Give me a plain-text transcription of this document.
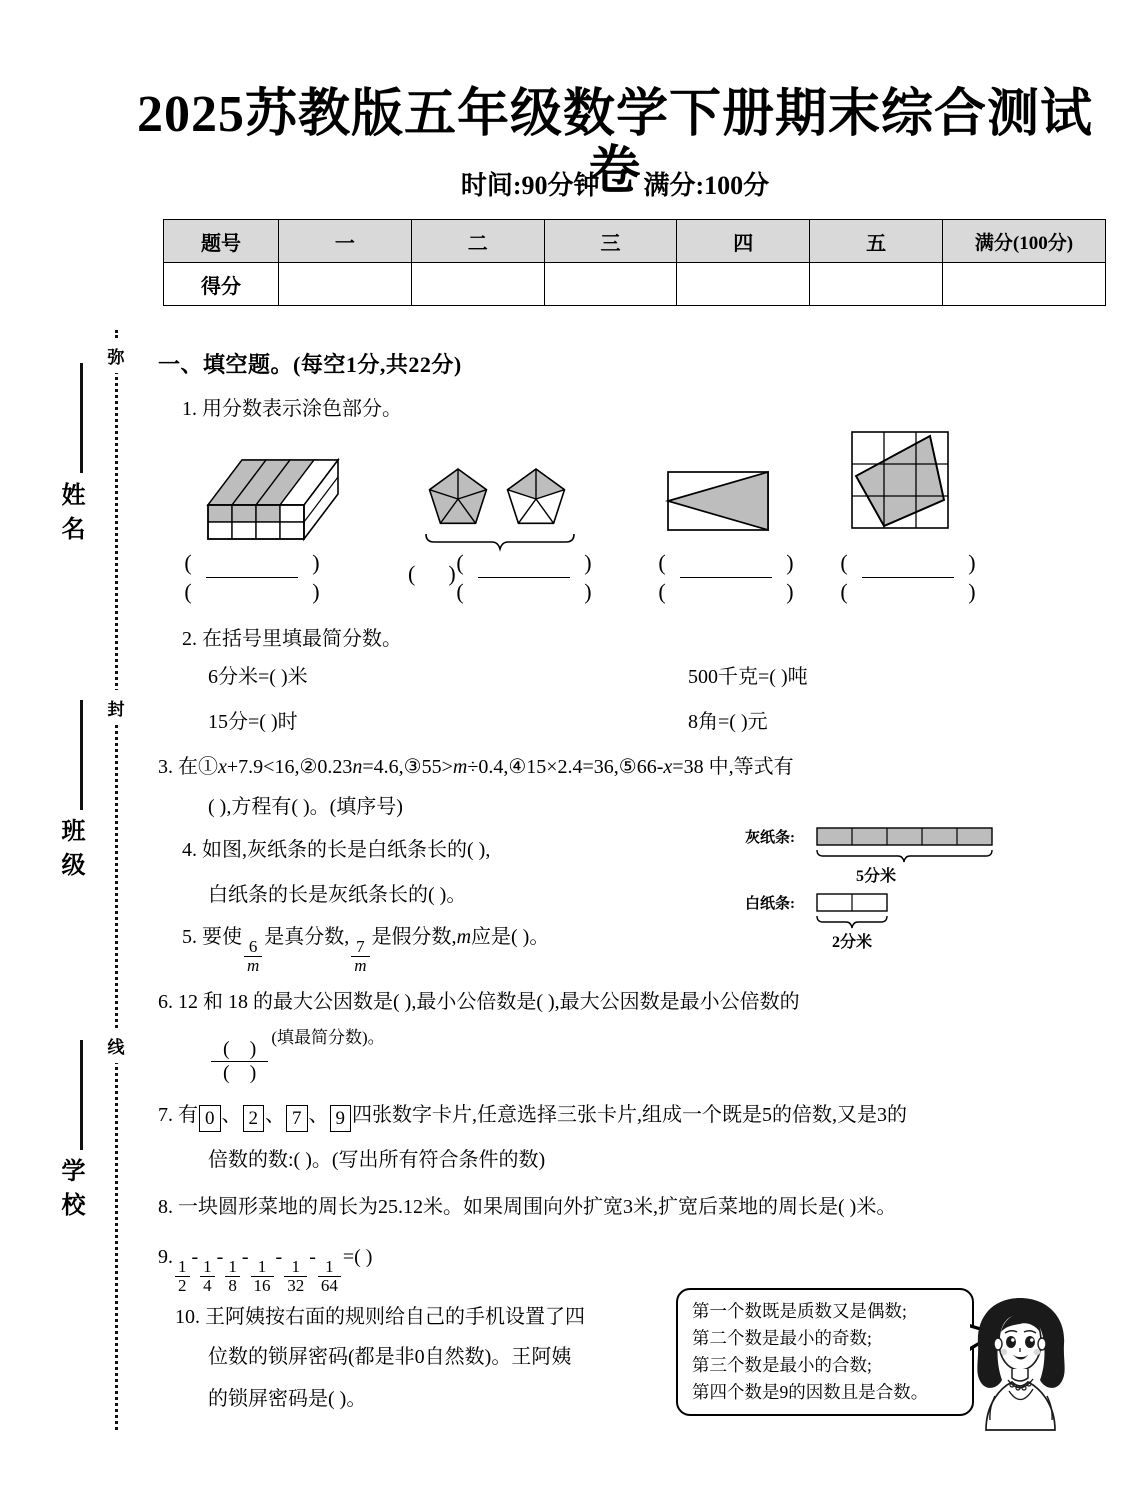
弥
封
线
姓名
班级
学校
2025苏教版五年级数学下册期末综合测试卷
时间:90分钟 满分:100分
题号	一	二	三	四	五	满分(100分)
得分						
一、填空题。(每空1分,共22分)
1. 用分数表示涂色部分。
(   )
(   )
(   )
(   )
(      )	(   )
(   )
(   )
(   )
2. 在括号里填最简分数。
6分米=( )米	500千克=( )吨
15分=( )时	8角=( )元
3. 在①x+7.9<16,②0.23n=4.6,③55>m÷0.4,④15×2.4=36,⑤66-x=38 中,等式有
( ),方程有( )。(填序号)
4. 如图,灰纸条的长是白纸条长的( ),
白纸条的长是灰纸条长的( )。
灰纸条:
5分米
白纸条:
2分米
5. 要使
$\frac{6}{m}$
是真分数,
$\frac{7}{m}$
是假分数,m应是( )。
6. 12 和 18 的最大公因数是( ),最小公倍数是( ),最大公因数是最小公倍数的
(    )
(    )
(填最简分数)。
7. 有 0 、 2 、 7 、 9 四张数字卡片,任意选择三张卡片,组成一个既是5的倍数,又是3的
倍数的数:( )。(写出所有符合条件的数)
8. 一块圆形菜地的周长为25.12米。如果周围向外扩宽3米,扩宽后菜地的周长是( )米。
9.
$\frac{1}{2}$
-
$\frac{1}{4}$
-
$\frac{1}{8}$
-
$\frac{1}{16}$
-
$\frac{1}{32}$
-
$\frac{1}{64}$
=( )
10. 王阿姨按右面的规则给自己的手机设置了四
位数的锁屏密码(都是非0自然数)。王阿姨
的锁屏密码是( )。
第一个数既是质数又是偶数;
第二个数是最小的奇数;
第三个数是最小的合数;
第四个数是9的因数且是合数。
